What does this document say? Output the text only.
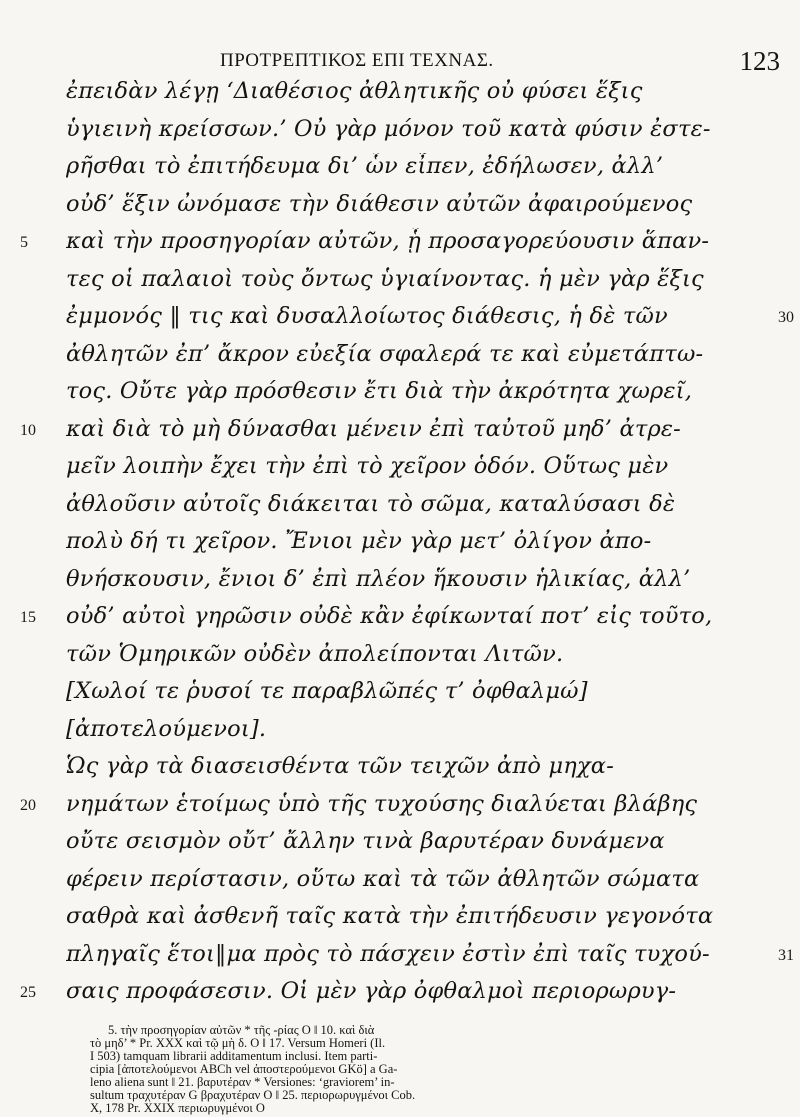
ΠΡΟΤΡΕΠΤΙΚΟΣ ΕΠΙ ΤΕΧΝΑΣ.	123
ἐπειδὰν λέγῃ ‘Διαθέσιος ἀθλητικῆς οὐ φύσει ἕξις
ὑγιεινὴ κρείσσων.’ Οὐ γὰρ μόνον τοῦ κατὰ φύσιν ἐστε-
ρῆσθαι τὸ ἐπιτήδευμα δι’ ὧν εἶπεν, ἐδήλωσεν, ἀλλ’
οὐδ’ ἕξιν ὠνόμασε τὴν διάθεσιν αὐτῶν ἀφαιρούμενος
καὶ τὴν προσηγορίαν αὐτῶν, ᾗ προσαγορεύουσιν ἅπαν-
τες οἱ παλαιοὶ τοὺς ὄντως ὑγιαίνοντας. ἡ μὲν γὰρ ἕξις
ἐμμονός ‖ τις καὶ δυσαλλοίωτος διάθεσις, ἡ δὲ τῶν
ἀθλητῶν ἐπ’ ἄκρον εὐεξία σφαλερά τε καὶ εὐμετάπτω-
τος. Οὔτε γὰρ πρόσθεσιν ἔτι διὰ τὴν ἀκρότητα χωρεῖ,
καὶ διὰ τὸ μὴ δύνασθαι μένειν ἐπὶ ταὐτοῦ μηδ’ ἀτρε-
μεῖν λοιπὴν ἔχει τὴν ἐπὶ τὸ χεῖρον ὁδόν. Οὕτως μὲν
ἀθλοῦσιν αὐτοῖς διάκειται τὸ σῶμα, καταλύσασι δὲ
πολὺ δή τι χεῖρον. Ἔνιοι μὲν γὰρ μετ’ ὀλίγον ἀπο-
θνήσκουσιν, ἔνιοι δ’ ἐπὶ πλέον ἥκουσιν ἡλικίας, ἀλλ’
οὐδ’ αὐτοὶ γηρῶσιν οὐδὲ κἂν ἐφίκωνταί ποτ’ εἰς τοῦτο,
τῶν Ὁμηρικῶν οὐδὲν ἀπολείπονται Λιτῶν.
[Χωλοί τε ῥυσοί τε παραβλῶπές τ’ ὀφθαλμώ]
[ἀποτελούμενοι].
Ὡς γὰρ τὰ διασεισθέντα τῶν τειχῶν ἀπὸ μηχα-
νημάτων ἑτοίμως ὑπὸ τῆς τυχούσης διαλύεται βλάβης
οὔτε σεισμὸν οὔτ’ ἄλλην τινὰ βαρυτέραν δυνάμενα
φέρειν περίστασιν, οὕτω καὶ τὰ τῶν ἀθλητῶν σώματα
σαθρὰ καὶ ἀσθενῆ ταῖς κατὰ τὴν ἐπιτήδευσιν γεγονότα
πληγαῖς ἕτοι‖μα πρὸς τὸ πάσχειν ἐστὶν ἐπὶ ταῖς τυχού-
σαις προφάσεσιν. Οἱ μὲν γὰρ ὀφθαλμοὶ περιορωρυγ-
5
10
15
20
25
30
31
5. τὴν προσηγορίαν αὐτῶν * τῆς -ρίας O ‖ 10. καὶ διὰ
τὸ μηδ’ * Pr. XXX καὶ τῷ μὴ δ. O ‖ 17. Versum Homeri (Il.
I 503) tamquam librarii additamentum inclusi. Item parti-
cipia [ἀποτελούμενοι ABCh vel ἀποστερούμενοι GKö] a Ga-
leno aliena sunt ‖ 21. βαρυτέραν * Versiones: ‘graviorem’ in-
sultum τραχυτέραν G βραχυτέραν O ‖ 25. περιορωρυγμένοι Cob.
X, 178 Pr. XXIX περιωρυγμένοι O
